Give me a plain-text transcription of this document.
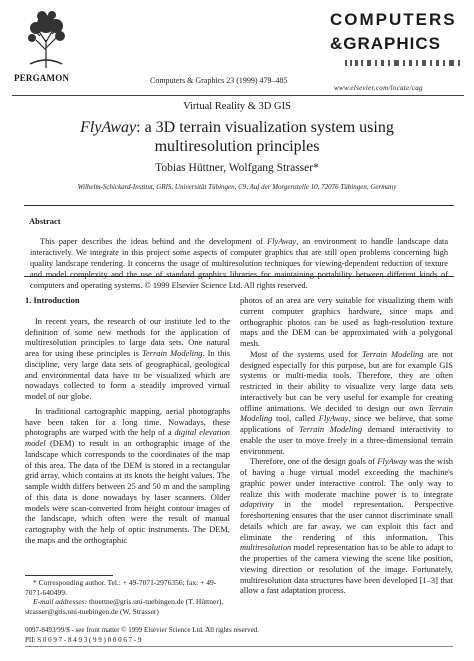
PERGAMON	Computers & Graphics 23 (1999) 479–485
COMPUTERS
&GRAPHICS
www.elsevier.com/locate/cag
Virtual Reality & 3D GIS
FlyAway: a 3D terrain visualization system using
multiresolution principles
Tobias Hüttner, Wolfgang Strasser*
Wilhelm-Schickard-Institut, GRIS, Universität Tübingen, C9, Auf der Morgenstelle 10, 72076 Tübingen, Germany
Abstract

This paper describes the ideas behind and the development of FlyAway, an environment to handle landscape data interactively. We integrate in this project some aspects of computer graphics that are still open problems concerning high quality landscape rendering. It concerns the usage of multiresolution techniques for viewing-dependent reduction of texture and model complexity and the use of standard graphics libraries for maintaining portability between different kinds of computers and operating systems. © 1999 Elsevier Science Ltd. All rights reserved.

1. Introduction

In recent years, the research of our institute led to the definition of some new methods for the application of multiresolution principles to large data sets. One natural area for using these principles is Terrain Modeling. In this discipline, very large data sets of geographical, geological and environmental data have to be visualized which are nowadays collected to form a steadily improved virtual model of our globe.

In traditional cartographic mapping, aerial photographs have been taken for a long time. Nowadays, these photographs are warped with the help of a digital elevation model (DEM) to result in an orthographic image of the landscape which corresponds to the coordinates of the map of this area. The data of the DEM is stored in a rectangular grid array, which contains at its knots the height values. The sample width differs between 25 and 50 m and the sampling of this data is done nowadays by laser scanners. Older models were scan-converted from height contour images of the landscape, which often were the result of manual cartography with the help of optic instruments. The DEM, the maps and the orthographic

* Corresponding author. Tel.: + 49-7071-2976356; fax: + 49-7071-640499.

E-mail addresses: thuettne@gris.uni-tuebingen.de (T. Hüttner), strasser@gris.uni-tuebingen.de (W. Strasser)

photos of an area are very suitable for visualizing them with current computer graphics hardware, since maps and orthographic photos can be used as high-resolution texture maps and the DEM can be approximated with a polygonal mesh.

Most of the systems used for Terrain Modeling are not designed especially for this purpose, but are for example GIS systems or multi-media tools. Therefore, they are often restricted in their ability to visualize very large data sets interactively but can be very useful for example for creating offline animations. We decided to design our own Terrain Modeling tool, called FlyAway, since we believe, that some applications of Terrain Modeling demand interactivity to enable the user to move freely in a three-dimensional terrain environment.

Therefore, one of the design goals of FlyAway was the wish of having a huge virtual model exceeding the machine's graphic power under interactive control. The only way to realize this with moderate machine power is to integrate adaptivity in the model representation. Perspective foreshortening ensures that the user cannot discriminate small details which are far away, we can exploit this fact and eliminate the rendering of this information. This multiresolution model representation has to be able to adapt to the properties of the camera viewing the scene like position, viewing direction or resolution of the image. Fortunately, multiresolution data structures have been developed [1–3] that allow a fast adaptation process.

0097-8493/99/$ - see front matter © 1999 Elsevier Science Ltd. All rights reserved.
PII: S 0 0 9 7 - 8 4 9 3 ( 9 9 ) 0 0 0 6 7 - 9
